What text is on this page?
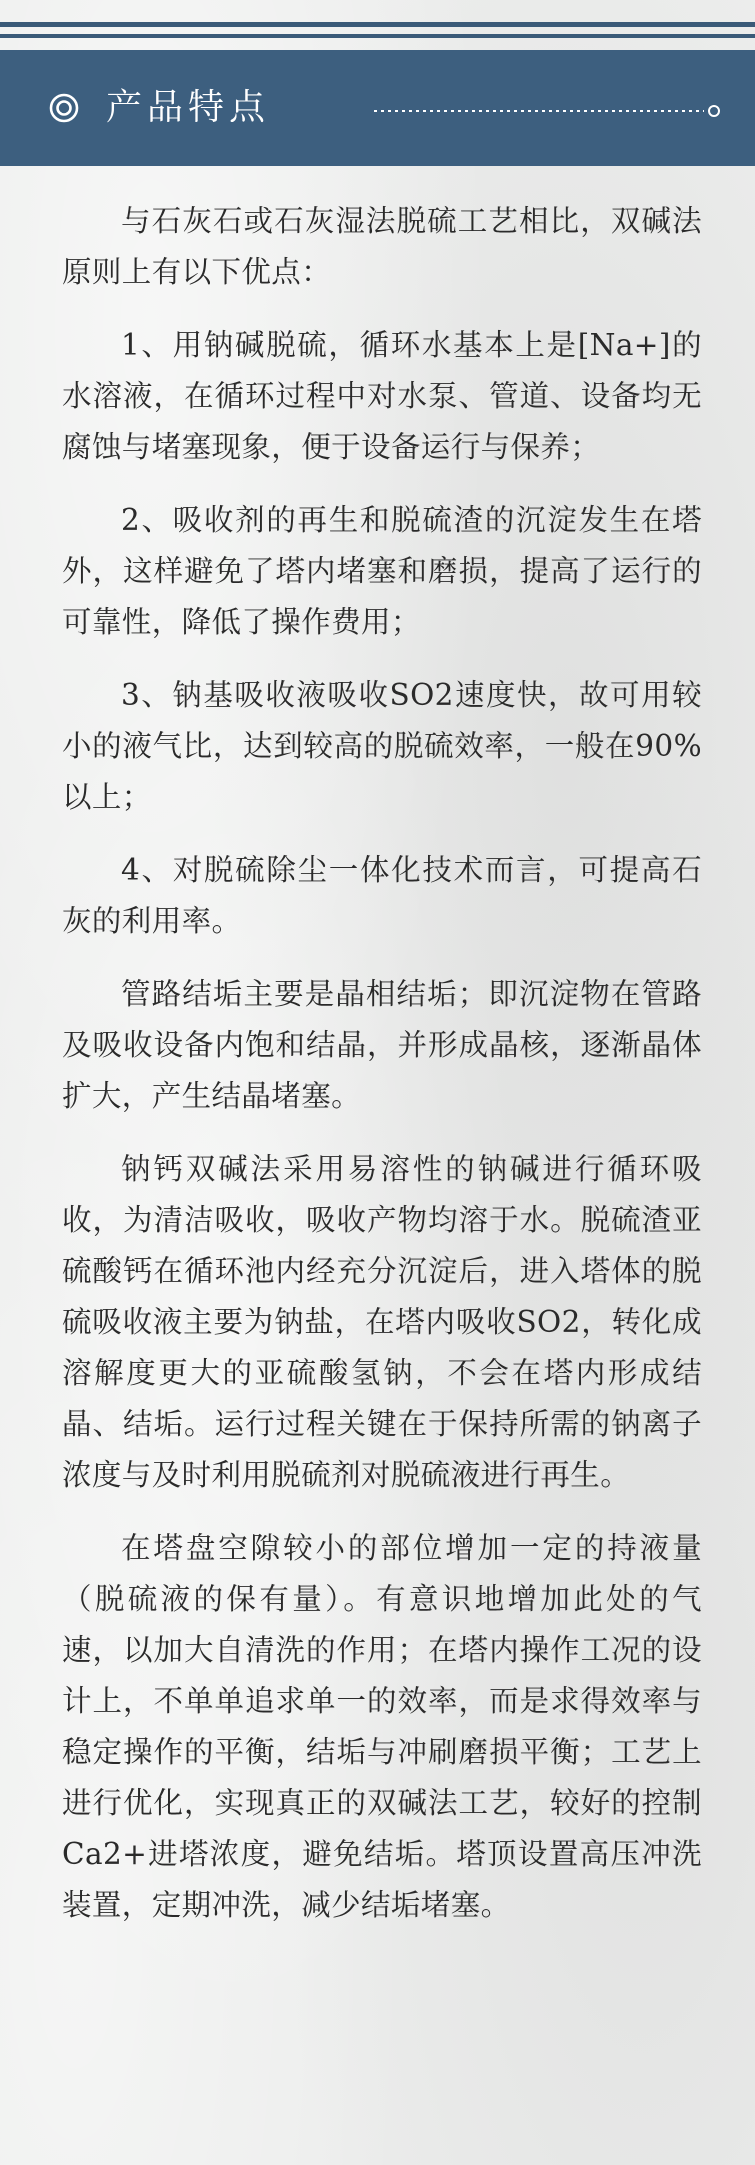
产品特点

与石灰石或石灰湿法脱硫工艺相比，双碱法原则上有以下优点：

1、用钠碱脱硫，循环水基本上是[Na+]的水溶液，在循环过程中对水泵、管道、设备均无腐蚀与堵塞现象，便于设备运行与保养；

2、吸收剂的再生和脱硫渣的沉淀发生在塔外，这样避免了塔内堵塞和磨损，提高了运行的可靠性，降低了操作费用；

3、钠基吸收液吸收SO2速度快，故可用较小的液气比，达到较高的脱硫效率，一般在90%以上；

4、对脱硫除尘一体化技术而言，可提高石灰的利用率。

管路结垢主要是晶相结垢；即沉淀物在管路及吸收设备内饱和结晶，并形成晶核，逐渐晶体扩大，产生结晶堵塞。

钠钙双碱法采用易溶性的钠碱进行循环吸收，为清洁吸收，吸收产物均溶于水。脱硫渣亚硫酸钙在循环池内经充分沉淀后，进入塔体的脱硫吸收液主要为钠盐，在塔内吸收SO2，转化成溶解度更大的亚硫酸氢钠，不会在塔内形成结晶、结垢。运行过程关键在于保持所需的钠离子浓度与及时利用脱硫剂对脱硫液进行再生。

在塔盘空隙较小的部位增加一定的持液量（脱硫液的保有量）。有意识地增加此处的气速，以加大自清洗的作用；在塔内操作工况的设计上，不单单追求单一的效率，而是求得效率与稳定操作的平衡，结垢与冲刷磨损平衡；工艺上进行优化，实现真正的双碱法工艺，较好的控制Ca2+进塔浓度，避免结垢。塔顶设置高压冲洗装置，定期冲洗，减少结垢堵塞。
